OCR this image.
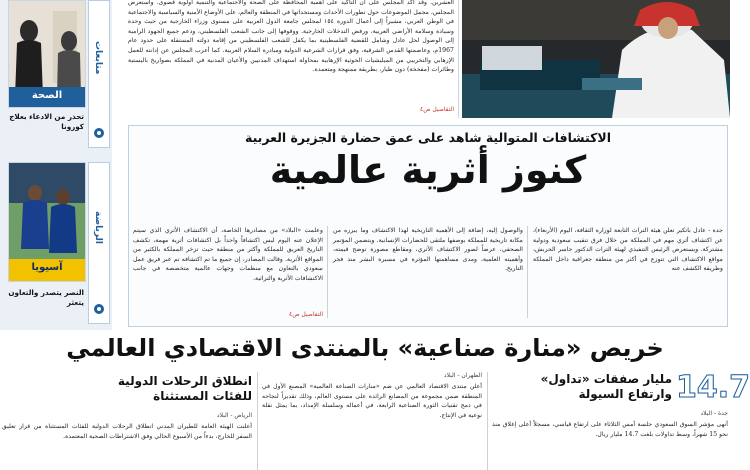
متابعات
الصحة
تحذر من الادعاء بعلاج كورونا
الرياضة
آسيويا
النصر يتصدر والتعاون يتعثر
العشرين. وقد أكد المجلس على أن التأكيد على أهمية المحافظة على الصحة والاجتماعية والتنمية أولوية قصوى. واستعرض المجلس، مجمل الموضوعات حول تطورات الأحداث ومستجداتها في المنطقة والعالم، على الأوضاع الأمنية والسياسية والاجتماعية في الوطن العربي، مشيراً إلى أعمال الدورة ١٥٤ لمجلس جامعة الدول العربية على مستوى وزراء الخارجية من حيث وحدة وسيادة وسلامة الأراضي العربية، ورفض التدخلات الخارجية. ووقوفها إلى جانب الشعب الفلسطيني، ودعم جميع الجهود الرامية إلى الوصول لحل عادل وشامل للقضية الفلسطينية بما يكفل للشعب الفلسطيني من إقامة دولته المستقلة على حدود عام 1967م، وعاصمتها القدس الشرقية، وفق قرارات الشرعية الدولية ومبادرة السلام العربية. كما أعرب المجلس عن إدانته للعمل الإرهابي والتخريبي من الميليشيات الحوثية الإرهابية بمحاولة استهداف المدنيين والأعيان المدنية في المملكة بصواريخ باليستية وطائرات (مفخخة) دون طيار، بطريقة ممنهجة ومتعمدة.
التفاصيل ص٤
الاكتشافات المتوالية شاهد على عمق حضارة الجزيرة العربية
كنوز أثرية عالمية
جدة - عادل باتكير تعلن هيئة التراث التابعة لوزارة الثقافة، اليوم (الأربعاء)، عن اكتشاف أثري مهم في المملكة من خلال فرق تنقيب سعودية ودولية مشتركة. ويستعرض الرئيس التنفيذي لهيئة التراث الدكتور جاسر الحربش، مواقع الاكتشاف التي تتوزع في أكثر من منطقة جغرافية داخل المملكة وطريقة الكشف عنه
والوصول إليه، إضافة إلى الأهمية التاريخية لهذا الاكتشاف وما يبرزه من مكانة تاريخية للمملكة بوصفها ملتقى للحضارات الإنسانية. ويتضمن المؤتمر الصحفي، عرضاً لصور الاكتشاف الأثري، ومقاطع مصورة توضح قيمته، وأهميته العلمية، ومدى مساهمتها المؤثرة في مسيرة البشر منذ فجر التاريخ.
وعلمت «البلاد» من مصادرها الخاصة، أن الاكتشاف الأثري الذي سيتم الإعلان عنه اليوم ليس اكتشافاً واحداً بل اكتشافات أثرية مهمة، تكشف التاريخ العريق للمملكة وأكثر من منطقة حيث تزخر المملكة بالكثير من المواقع الأثرية. وقالت المصادر، إن جميع ما تم اكتشافه تم عبر فريق عمل سعودي بالتعاون مع منظمات وجهات عالمية متخصصة في جانب الاكتشافات الأثرية والتراثية.
التفاصيل ص٤
خريص «منارة صناعية» بالمنتدى الاقتصادي العالمي
14.7
مليار صفقات «تداول»
وارتفاع السيولة
جدة - البلاد
أنهى مؤشر السوق السعودي جلسة أمس الثلاثاء على ارتفاع قياسي، مسجلاً أعلى إغلاق منذ نحو 15 شهراً، وسط تداولات بلغت 14.7 مليار ريال.
الظهران - البلاد
أعلن منتدى الاقتصاد العالمي عن ضم «منارات الصناعة العالمية» المصنع الأول في المنطقة ضمن مجموعة من المصانع الرائدة على مستوى العالم، وذلك تقديراً لنجاحه في دمج تقنيات الثورة الصناعية الرابعة، في أعماله وسلسلة الإمداد، بما يمثل نقلة نوعية في الإنتاج.
انطلاق الرحلات الدولية
للفئات المستثناة
الرياض - البلاد
أعلنت الهيئة العامة للطيران المدني انطلاق الرحلات الدولية للفئات المستثناة من قرار تعليق السفر للخارج، بدءاً من الأسبوع الحالي وفق الاشتراطات الصحية المعتمدة.
